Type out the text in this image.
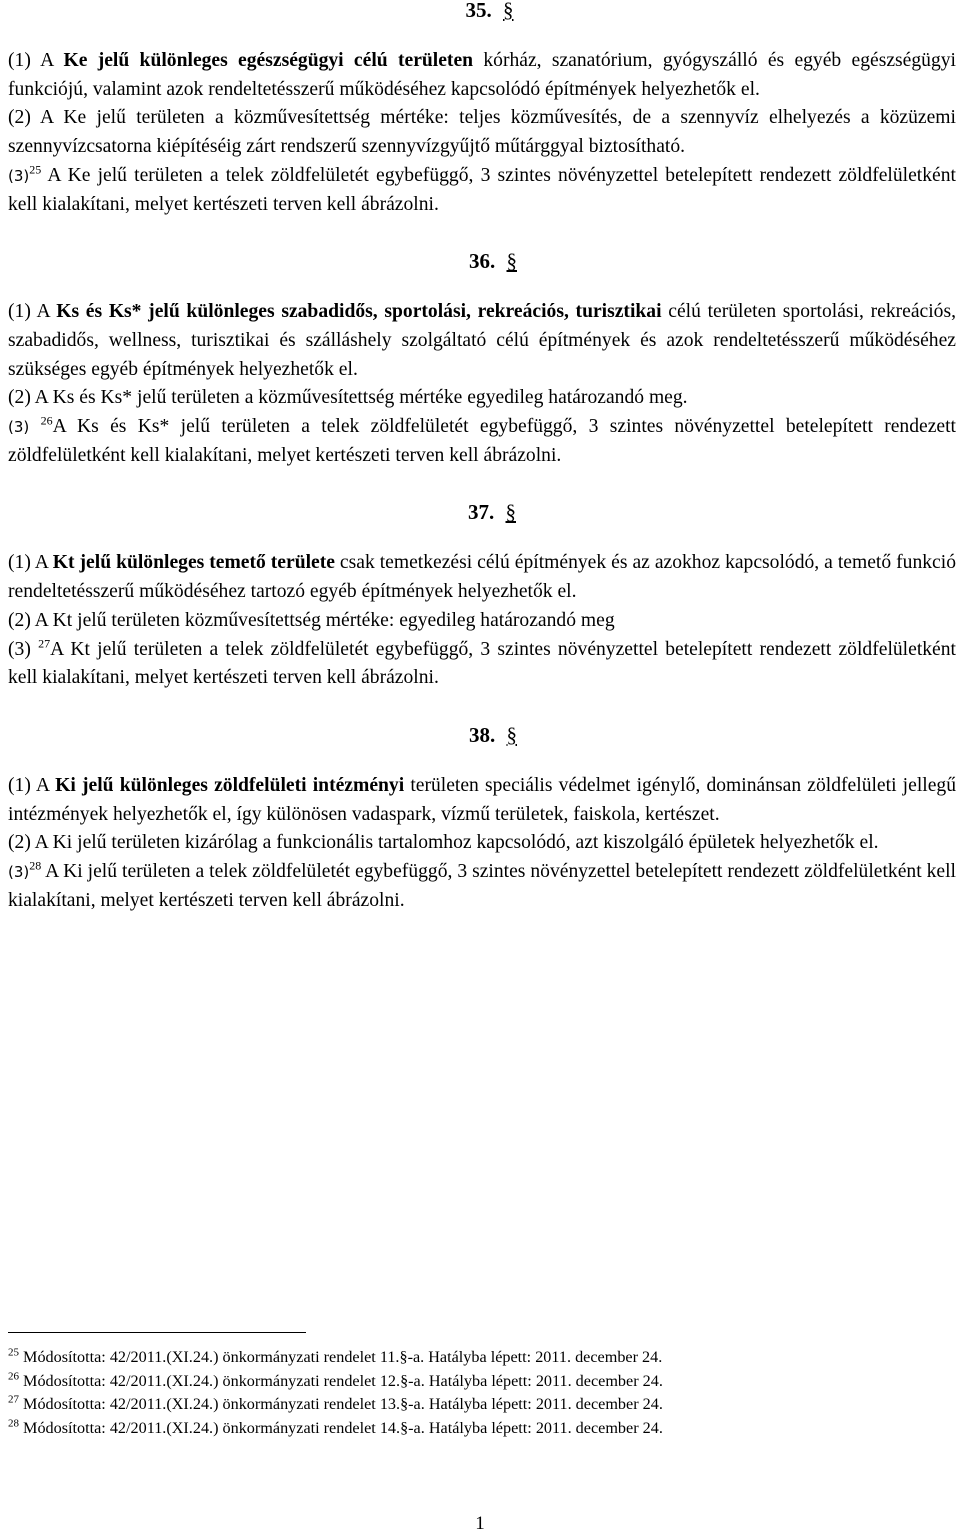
35. §

(1) A Ke jelű különleges egészségügyi célú területen kórház, szanatórium, gyógyszálló és egyéb egészségügyi funkciójú, valamint azok rendeltetésszerű működéséhez kapcsolódó építmények helyezhetők el.

(2) A Ke jelű területen a közművesítettség mértéke: teljes közművesítés, de a szennyvíz elhelyezés a közüzemi szennyvízcsatorna kiépítéséig zárt rendszerű szennyvízgyűjtő műtárggyal biztosítható.

$(3)^{25}$ A Ke jelű területen a telek zöldfelületét egybefüggő, 3 szintes növényzettel betelepített rendezett zöldfelületként kell kialakítani, melyet kertészeti terven kell ábrázolni.

36. §

(1) A Ks és Ks* jelű különleges szabadidős, sportolási, rekreációs, turisztikai célú területen sportolási, rekreációs, szabadidős, wellness, turisztikai és szálláshely szolgáltató célú építmények és azok rendeltetésszerű működéséhez szükséges egyéb építmények helyezhetők el.

(2) A Ks és Ks* jelű területen a közművesítettség mértéke egyedileg határozandó meg.

(3) $^{26}$A Ks és Ks* jelű területen a telek zöldfelületét egybefüggő, 3 szintes növényzettel betelepített rendezett zöldfelületként kell kialakítani, melyet kertészeti terven kell ábrázolni.

37. §

(1) A Kt jelű különleges temető területe csak temetkezési célú építmények és az azokhoz kapcsolódó, a temető funkció rendeltetésszerű működéséhez tartozó egyéb építmények helyezhetők el.

(2) A Kt jelű területen közművesítettség mértéke: egyedileg határozandó meg

(3) $^{27}$A Kt jelű területen a telek zöldfelületét egybefüggő, 3 szintes növényzettel betelepített rendezett zöldfelületként kell kialakítani, melyet kertészeti terven kell ábrázolni.

38. §

(1) A Ki jelű különleges zöldfelületi intézményi területen speciális védelmet igénylő, dominánsan zöldfelületi jellegű intézmények helyezhetők el, így különösen vadaspark, vízmű területek, faiskola, kertészet.

(2) A Ki jelű területen kizárólag a funkcionális tartalomhoz kapcsolódó, azt kiszolgáló épületek helyezhetők el.

$(3)^{28}$ A Ki jelű területen a telek zöldfelületét egybefüggő, 3 szintes növényzettel betelepített rendezett zöldfelületként kell kialakítani, melyet kertészeti terven kell ábrázolni.

$^{25}$ Módosította: 42/2011.(XI.24.) önkormányzati rendelet 11.§-a. Hatályba lépett: 2011. december 24.

$^{26}$ Módosította: 42/2011.(XI.24.) önkormányzati rendelet 12.§-a. Hatályba lépett: 2011. december 24.

$^{27}$ Módosította: 42/2011.(XI.24.) önkormányzati rendelet 13.§-a. Hatályba lépett: 2011. december 24.

$^{28}$ Módosította: 42/2011.(XI.24.) önkormányzati rendelet 14.§-a. Hatályba lépett: 2011. december 24.

1
